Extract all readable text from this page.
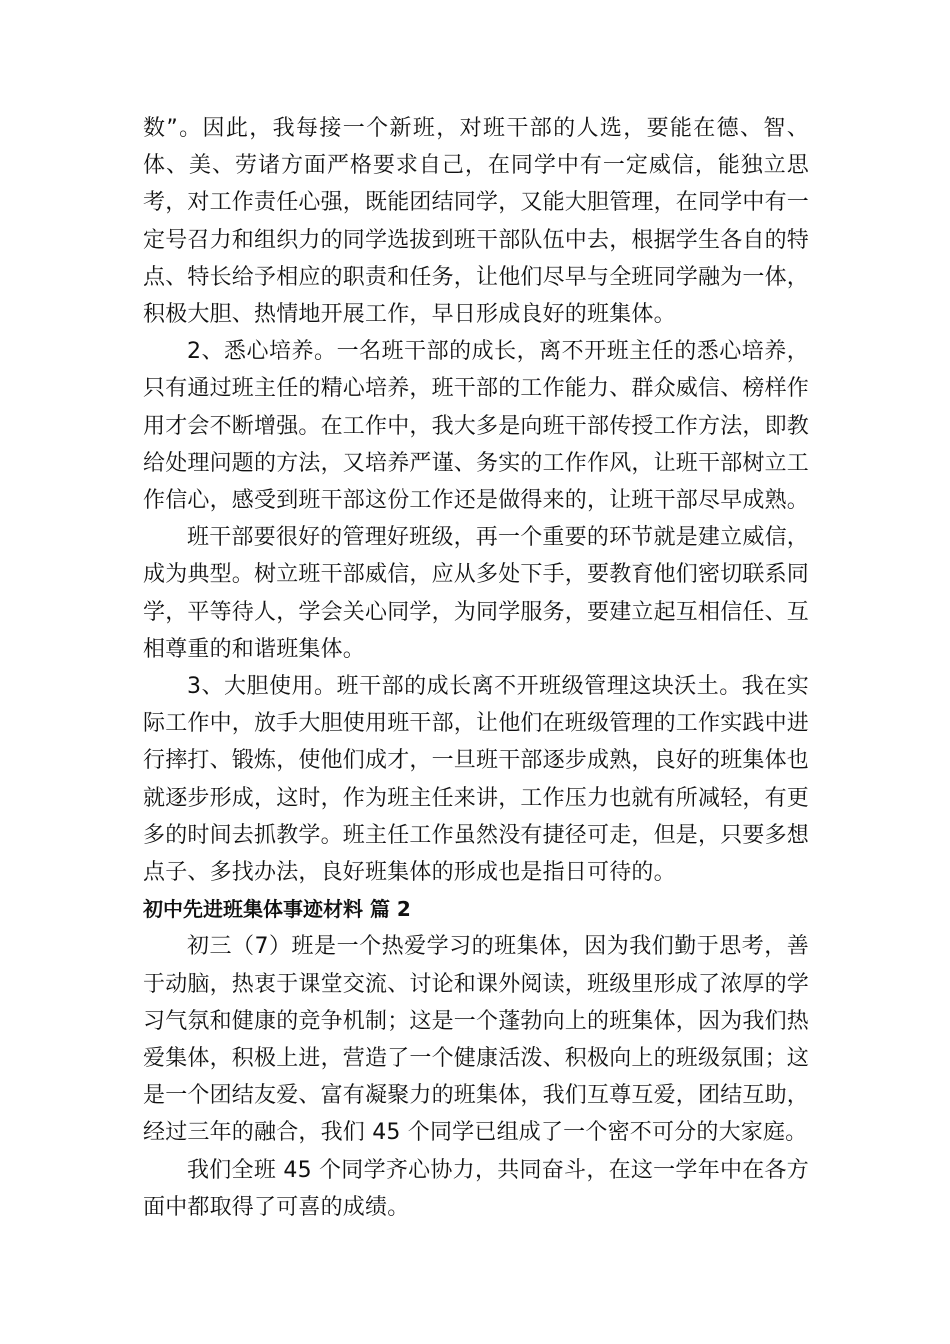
数”。因此，我每接一个新班，对班干部的人选，要能在德、智、体、美、劳诸方面严格要求自己，在同学中有一定威信，能独立思考，对工作责任心强，既能团结同学，又能大胆管理，在同学中有一定号召力和组织力的同学选拔到班干部队伍中去，根据学生各自的特点、特长给予相应的职责和任务，让他们尽早与全班同学融为一体，积极大胆、热情地开展工作，早日形成良好的班集体。

2、悉心培养。一名班干部的成长，离不开班主任的悉心培养，只有通过班主任的精心培养，班干部的工作能力、群众威信、榜样作用才会不断增强。在工作中，我大多是向班干部传授工作方法，即教给处理问题的方法，又培养严谨、务实的工作作风，让班干部树立工作信心，感受到班干部这份工作还是做得来的，让班干部尽早成熟。

班干部要很好的管理好班级，再一个重要的环节就是建立威信，成为典型。树立班干部威信，应从多处下手，要教育他们密切联系同学，平等待人，学会关心同学，为同学服务，要建立起互相信任、互相尊重的和谐班集体。

3、大胆使用。班干部的成长离不开班级管理这块沃土。我在实际工作中，放手大胆使用班干部，让他们在班级管理的工作实践中进行摔打、锻炼，使他们成才，一旦班干部逐步成熟，良好的班集体也就逐步形成，这时，作为班主任来讲，工作压力也就有所减轻，有更多的时间去抓教学。班主任工作虽然没有捷径可走，但是，只要多想点子、多找办法，良好班集体的形成也是指日可待的。

初中先进班集体事迹材料 篇 2

初三（7）班是一个热爱学习的班集体，因为我们勤于思考，善于动脑，热衷于课堂交流、讨论和课外阅读，班级里形成了浓厚的学习气氛和健康的竞争机制；这是一个蓬勃向上的班集体，因为我们热爱集体，积极上进，营造了一个健康活泼、积极向上的班级氛围；这是一个团结友爱、富有凝聚力的班集体，我们互尊互爱，团结互助，经过三年的融合，我们 45 个同学已组成了一个密不可分的大家庭。

我们全班 45 个同学齐心协力，共同奋斗，在这一学年中在各方面中都取得了可喜的成绩。
